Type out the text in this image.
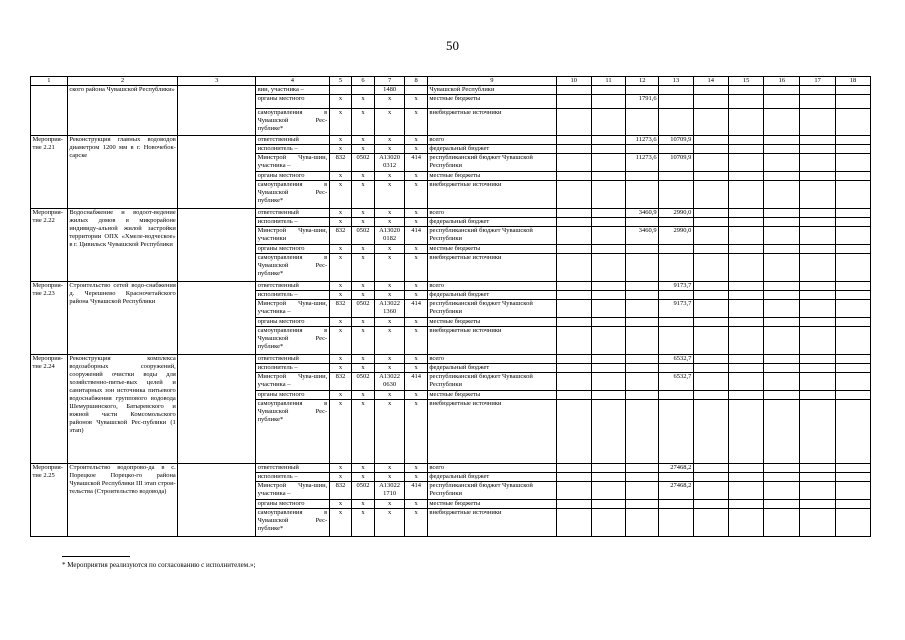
50
1	2	3	4	5	6	7	8	9	10	11	12	13	14	15	16	17	18
	ского района Чувашской Республики»		вии, участника –			1480		Чувашской Республики									
			органы местного	x	x	x	x	местные бюджеты			1791,6						
			самоуправления в Чувашской Рес-публике*	x	x	x	x	внебюджетные источники									
Мероприя-тие 2.21	Реконструкция главных водоводов диаметром 1200 мм в г. Новочебок-сарске		ответственный	x	x	x	x	всего			11273,6	10709,9					
			исполнитель –	x	x	x	x	федеральный бюджет									
			Минстрой Чува-шии, участника –	832	0502	A13020 0312	414	республиканский бюджет Чувашской Республики			11273,6	10709,9					
			органы местного	x	x	x	x	местные бюджеты									
			самоуправления в Чувашской Рес-публике*	x	x	x	x	внебюджетные источники									
Мероприя-тие 2.22	Водоснабжение и водоот-ведение жилых домов в микрорайоне индивиду-альной жилой застройки территории ОПХ «Хмеле-водческое» в г. Цивильск Чувашской Республики		ответственный	x	x	x	x	всего			3460,9	2990,0					
			исполнитель –	x	x	x	x	федеральный бюджет									
			Минстрой Чува-шии, участники	832	0502	A13020 0182	414	республиканский бюджет Чувашской Республики			3460,9	2990,0					
			органы местного	x	x	x	x	местные бюджеты									
			самоуправления в Чувашской Рес-публике*	x	x	x	x	внебюджетные источники									
Мероприя-тие 2.23	Строительство сетей водо-снабжения д. Черешнево Красночетайского района Чувашской Республики		ответственный	x	x	x	x	всего				9173,7					
			исполнитель –	x	x	x	x	федеральный бюджет									
			Минстрой Чува-шии, участника –	832	0502	A13022 1360	414	республиканский бюджет Чувашской Республики				9173,7					
			органы местного	x	x	x	x	местные бюджеты									
			самоуправления в Чувашской Рес-публике*	x	x	x	x	внебюджетные источники									
Мероприя-тие 2.24	Реконструкция комплекса водозаборных сооружений, сооружений очистки воды для хозяйственно-питье-вых целей и санитарных зон источника питьевого водоснабжения группового водовода Шемуршинского, Батыревского и южной части Комсомольского районов Чувашской Рес-публики (1 этап)		ответственный	x	x	x	x	всего				6532,7					
			исполнитель –	x	x	x	x	федеральный бюджет									
			Минстрой Чува-шии, участника –	832	0502	A13022 0630	414	республиканский бюджет Чувашской Республики				6532,7					
			органы местного	x	x	x	x	местные бюджеты									
			самоуправления в Чувашской Рес-публике*	x	x	x	x	внебюджетные источники									
Мероприя-тие 2.25	Строительство водопрово-да в с. Порецкое Порецко-го района Чувашской Республики III этап строи-тельства (Строительство водовода)		ответственный	x	x	x	x	всего				27468,2					
			исполнитель –	x	x	x	x	федеральный бюджет									
			Минстрой Чува-шии, участника –	832	0502	A13022 1710	414	республиканский бюджет Чувашской Республики				27468,2					
			органы местного	x	x	x	x	местные бюджеты									
			самоуправления в Чувашской Рес-публике*	x	x	x	x	внебюджетные источники									
* Мероприятия реализуются по согласованию с исполнителем.»;
